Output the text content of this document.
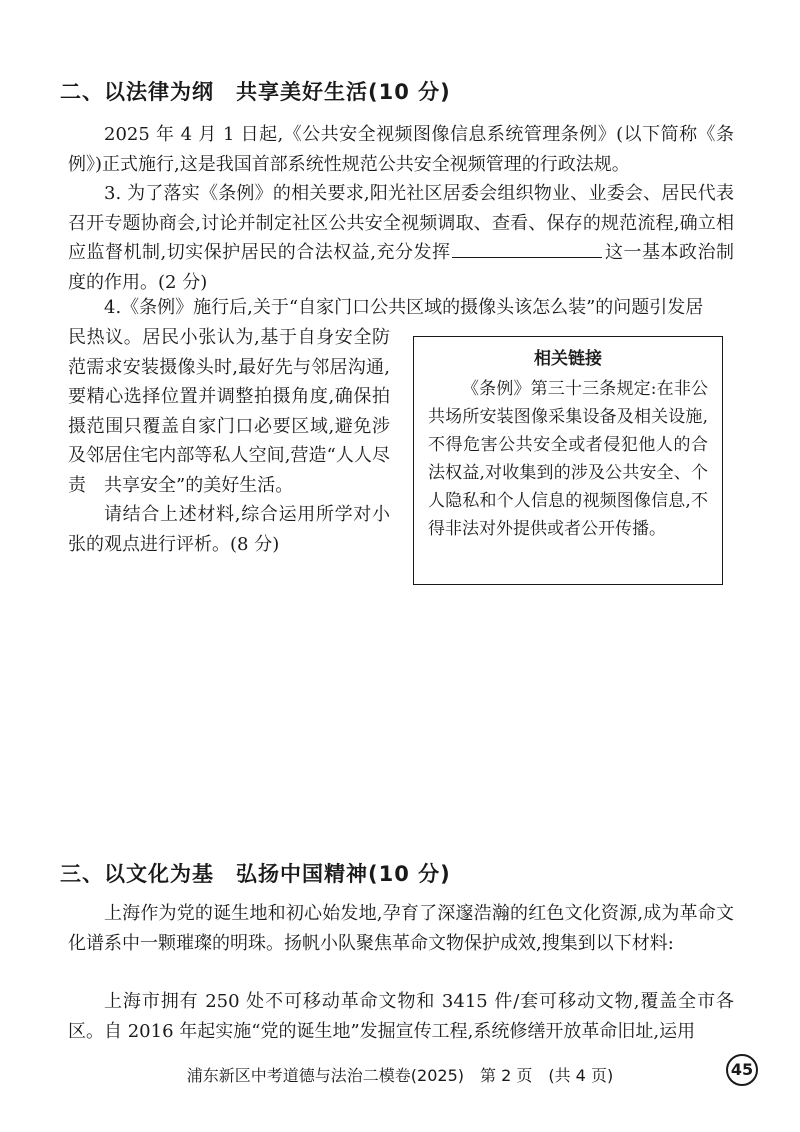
二、以法律为纲 共享美好生活(10 分)

2025 年 4 月 1 日起,《公共安全视频图像信息系统管理条例》(以下简称《条例》)正式施行,这是我国首部系统性规范公共安全视频管理的行政法规。

3. 为了落实《条例》的相关要求,阳光社区居委会组织物业、业委会、居民代表召开专题协商会,讨论并制定社区公共安全视频调取、查看、保存的规范流程,确立相应监督机制,切实保护居民的合法权益,充分发挥	这一基本政治制度的作用。(2 分)

4.《条例》施行后,关于“自家门口公共区域的摄像头该怎么装”的问题引发居

民热议。居民小张认为,基于自身安全防范需求安装摄像头时,最好先与邻居沟通,要精心选择位置并调整拍摄角度,确保拍摄范围只覆盖自家门口必要区域,避免涉及邻居住宅内部等私人空间,营造“人人尽责　共享安全”的美好生活。

请结合上述材料,综合运用所学对小张的观点进行评析。(8 分)

相关链接

《条例》第三十三条规定:在非公共场所安装图像采集设备及相关设施,不得危害公共安全或者侵犯他人的合法权益,对收集到的涉及公共安全、个人隐私和个人信息的视频图像信息,不得非法对外提供或者公开传播。

三、以文化为基 弘扬中国精神(10 分)

上海作为党的诞生地和初心始发地,孕育了深邃浩瀚的红色文化资源,成为革命文化谱系中一颗璀璨的明珠。扬帆小队聚焦革命文物保护成效,搜集到以下材料:

上海市拥有 250 处不可移动革命文物和 3415 件/套可移动文物,覆盖全市各区。自 2016 年起实施“党的诞生地”发掘宣传工程,系统修缮开放革命旧址,运用

浦东新区中考道德与法治二模卷(2025)　第 2 页　(共 4 页)	45
